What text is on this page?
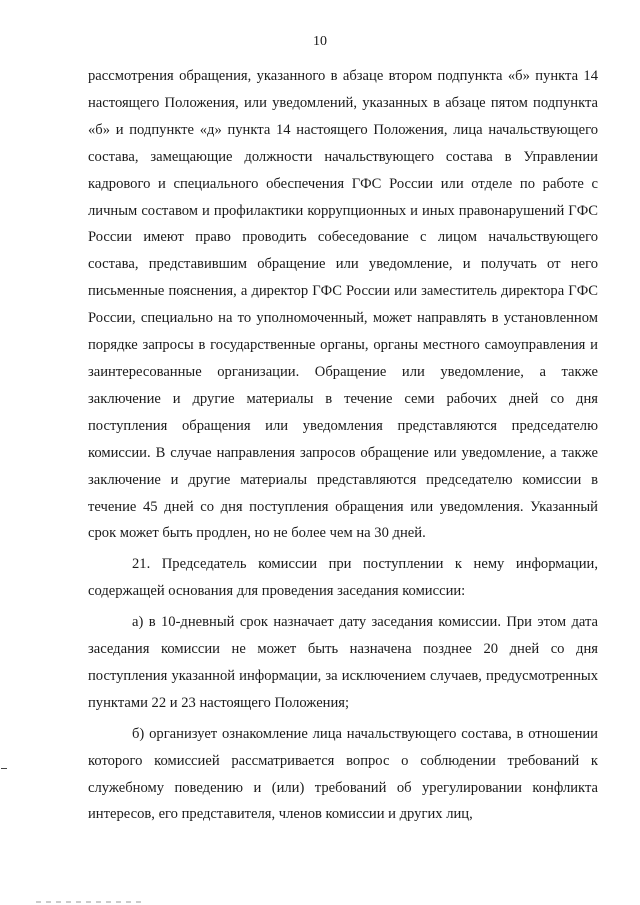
10

рассмотрения обращения, указанного в абзаце втором подпункта «б» пункта 14 настоящего Положения, или уведомлений, указанных в абзаце пятом подпункта «б» и подпункте «д» пункта 14 настоящего Положения, лица начальствующего состава, замещающие должности начальствующего состава в Управлении кадрового и специального обеспечения ГФС России или отделе по работе с личным составом и профилактики коррупционных и иных правонарушений ГФС России имеют право проводить собеседование с лицом начальствующего состава, представившим обращение или уведомление, и получать от него письменные пояснения, а директор ГФС России или заместитель директора ГФС России, специально на то уполномоченный, может направлять в установленном порядке запросы в государственные органы, органы местного самоуправления и заинтересованные организации. Обращение или уведомление, а также заключение и другие материалы в течение семи рабочих дней со дня поступления обращения или уведомления представляются председателю комиссии. В случае направления запросов обращение или уведомление, а также заключение и другие материалы представляются председателю комиссии в течение 45 дней со дня поступления обращения или уведомления. Указанный срок может быть продлен, но не более чем на 30 дней.

21. Председатель комиссии при поступлении к нему информации, содержащей основания для проведения заседания комиссии:

а) в 10-дневный срок назначает дату заседания комиссии. При этом дата заседания комиссии не может быть назначена позднее 20 дней со дня поступления указанной информации, за исключением случаев, предусмотренных пунктами 22 и 23 настоящего Положения;

б) организует ознакомление лица начальствующего состава, в отношении которого комиссией рассматривается вопрос о соблюдении требований к служебному поведению и (или) требований об урегулировании конфликта интересов, его представителя, членов комиссии и других лиц,
